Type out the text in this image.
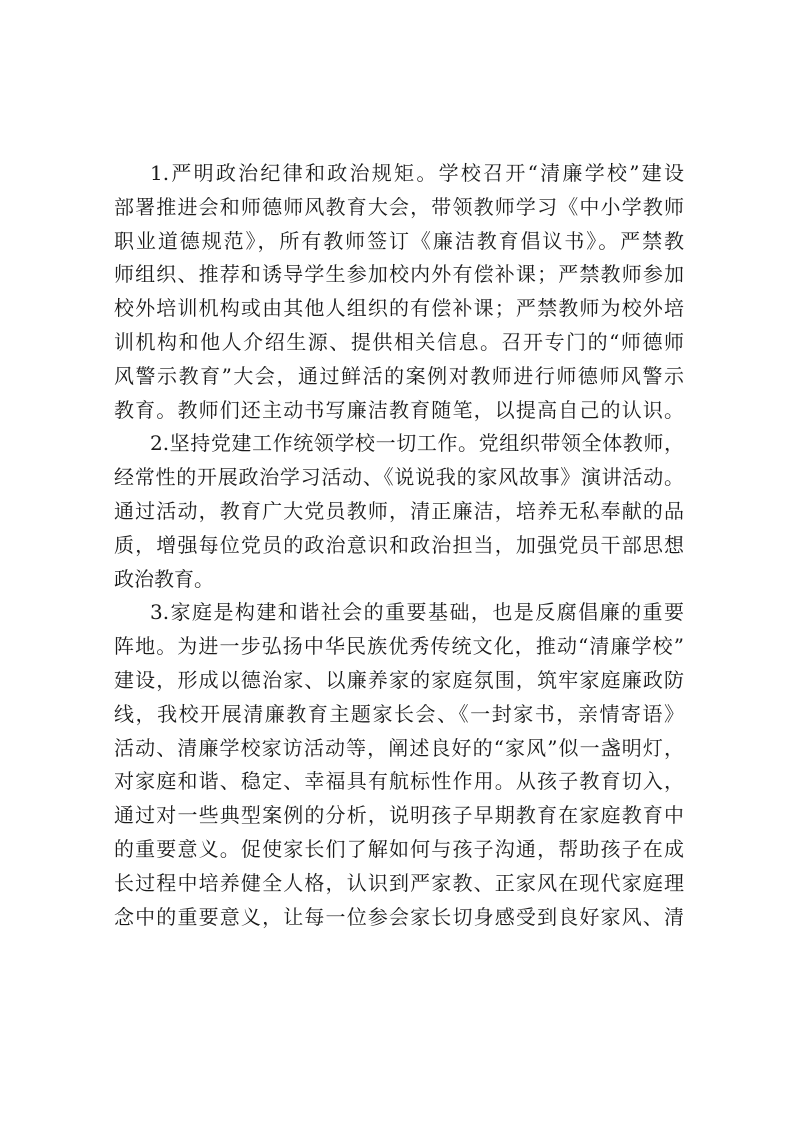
1.严明政治纪律和政治规矩。学校召开“清廉学校”建设
部署推进会和师德师风教育大会，带领教师学习《中小学教师
职业道德规范》，所有教师签订《廉洁教育倡议书》。严禁教
师组织、推荐和诱导学生参加校内外有偿补课；严禁教师参加
校外培训机构或由其他人组织的有偿补课；严禁教师为校外培
训机构和他人介绍生源、提供相关信息。召开专门的“师德师
风警示教育”大会，通过鲜活的案例对教师进行师德师风警示
教育。教师们还主动书写廉洁教育随笔，以提高自己的认识。
2.坚持党建工作统领学校一切工作。党组织带领全体教师，
经常性的开展政治学习活动、《说说我的家风故事》演讲活动。
通过活动，教育广大党员教师，清正廉洁，培养无私奉献的品
质，增强每位党员的政治意识和政治担当，加强党员干部思想
政治教育。
3.家庭是构建和谐社会的重要基础，也是反腐倡廉的重要
阵地。为进一步弘扬中华民族优秀传统文化，推动“清廉学校”
建设，形成以德治家、以廉养家的家庭氛围，筑牢家庭廉政防
线，我校开展清廉教育主题家长会、《一封家书，亲情寄语》
活动、清廉学校家访活动等，阐述良好的“家风”似一盏明灯，
对家庭和谐、稳定、幸福具有航标性作用。从孩子教育切入，
通过对一些典型案例的分析，说明孩子早期教育在家庭教育中
的重要意义。促使家长们了解如何与孩子沟通，帮助孩子在成
长过程中培养健全人格，认识到严家教、正家风在现代家庭理
念中的重要意义，让每一位参会家长切身感受到良好家风、清
